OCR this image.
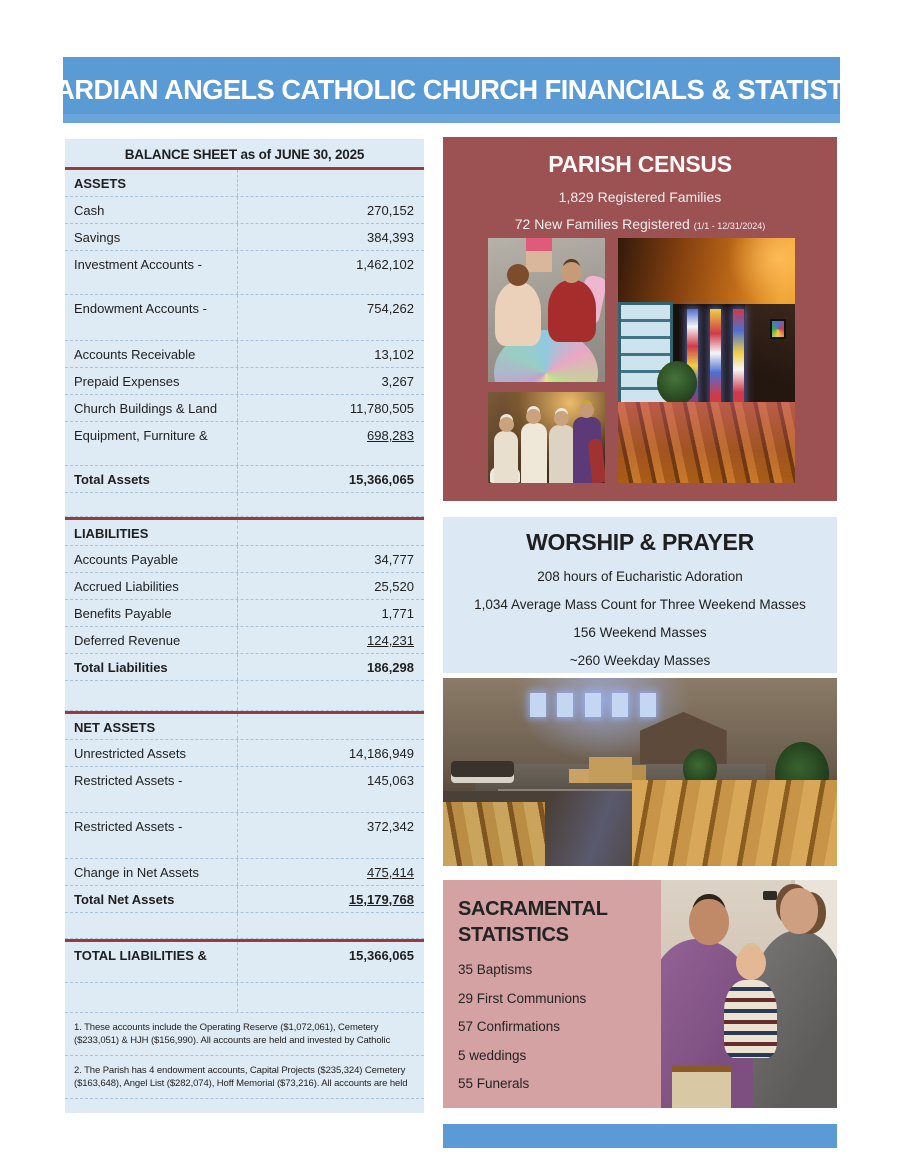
GUARDIAN ANGELS CATHOLIC CHURCH FINANCIALS & STATISTICS
BALANCE SHEET as of JUNE 30, 2025
ASSETS
Cash	270,152
Savings	384,393
Investment Accounts -	1,462,102
Endowment Accounts -	754,262
Accounts Receivable	13,102
Prepaid Expenses	3,267
Church Buildings & Land	11,780,505
Equipment, Furniture &	698,283
Total Assets	15,366,065
LIABILITIES
Accounts Payable	34,777
Accrued Liabilities	25,520
Benefits Payable	1,771
Deferred Revenue	124,231
Total Liabilities	186,298
NET ASSETS
Unrestricted Assets	14,186,949
Restricted Assets -	145,063
Restricted Assets -	372,342
Change in Net Assets	475,414
Total Net Assets	15,179,768
TOTAL LIABILITIES &	15,366,065
1. These accounts include the Operating Reserve ($1,072,061), Cemetery ($233,051) & HJH ($156,990). All accounts are held and invested by Catholic
2. The Parish has 4 endowment accounts, Capital Projects ($235,324) Cemetery ($163,648), Angel List ($282,074), Hoff Memorial ($73,216). All accounts are held
PARISH CENSUS
1,829 Registered Families
72 New Families Registered (1/1 - 12/31/2024)
WORSHIP & PRAYER
208 hours of Eucharistic Adoration
1,034 Average Mass Count for Three Weekend Masses
156 Weekend Masses
~260 Weekday Masses
SACRAMENTAL
STATISTICS
35 Baptisms
29 First Communions
57 Confirmations
5 weddings
55 Funerals
